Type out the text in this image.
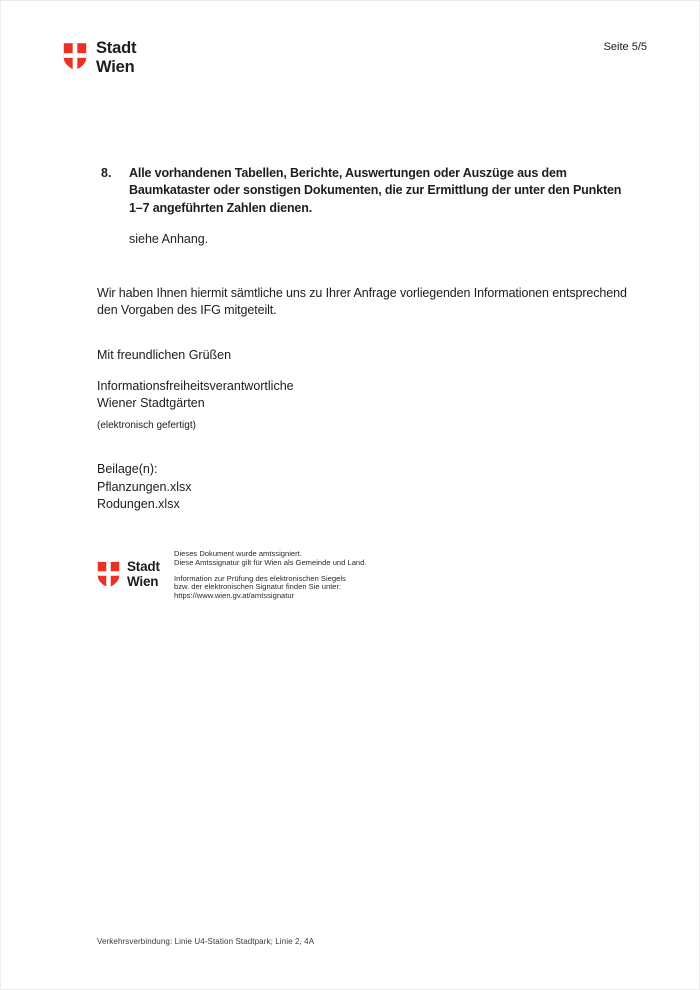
Stadt
Wien
Seite 5/5
8.	Alle vorhandenen Tabellen, Berichte, Auswertungen oder Auszüge aus dem Baumkataster oder sonstigen Dokumenten, die zur Ermittlung der unter den Punkten 1–7 angeführten Zahlen dienen.
siehe Anhang.
Wir haben Ihnen hiermit sämtliche uns zu Ihrer Anfrage vorliegenden Informationen entsprechend den Vorgaben des IFG mitgeteilt.
Mit freundlichen Grüßen
Informationsfreiheitsverantwortliche
Wiener Stadtgärten
(elektronisch gefertigt)
Beilage(n):
Pflanzungen.xlsx
Rodungen.xlsx
Stadt
Wien
Dieses Dokument wurde amtssigniert.
Diese Amtssignatur gilt für Wien als Gemeinde und Land.
Information zur Prüfung des elektronischen Siegels
bzw. der elektronischen Signatur finden Sie unter:
https://www.wien.gv.at/amtssignatur
Verkehrsverbindung: Linie U4-Station Stadtpark; Linie 2, 4A
